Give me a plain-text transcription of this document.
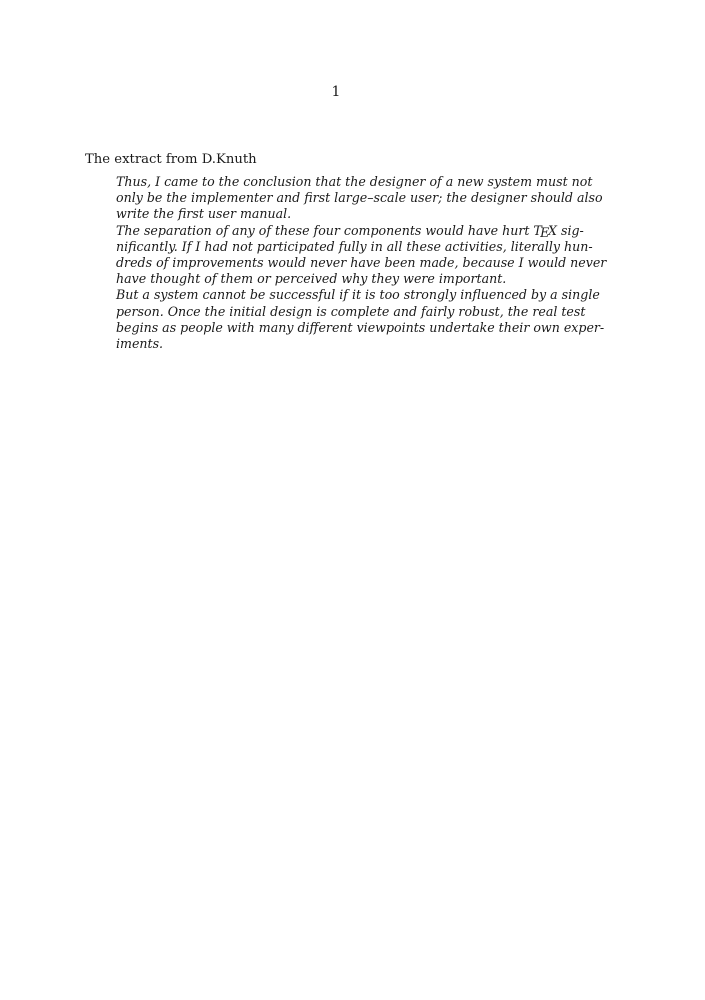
1
The extract from D.Knuth
Thus, I came to the conclusion that the designer of a new system must not
only be the implementer and first large–scale user; the designer should also
write the first user manual.
The separation of any of these four components would have hurt TEX sig-
nificantly. If I had not participated fully in all these activities, literally hun-
dreds of improvements would never have been made, because I would never
have thought of them or perceived why they were important.
But a system cannot be successful if it is too strongly influenced by a single
person. Once the initial design is complete and fairly robust, the real test
begins as people with many different viewpoints undertake their own exper-
iments.
